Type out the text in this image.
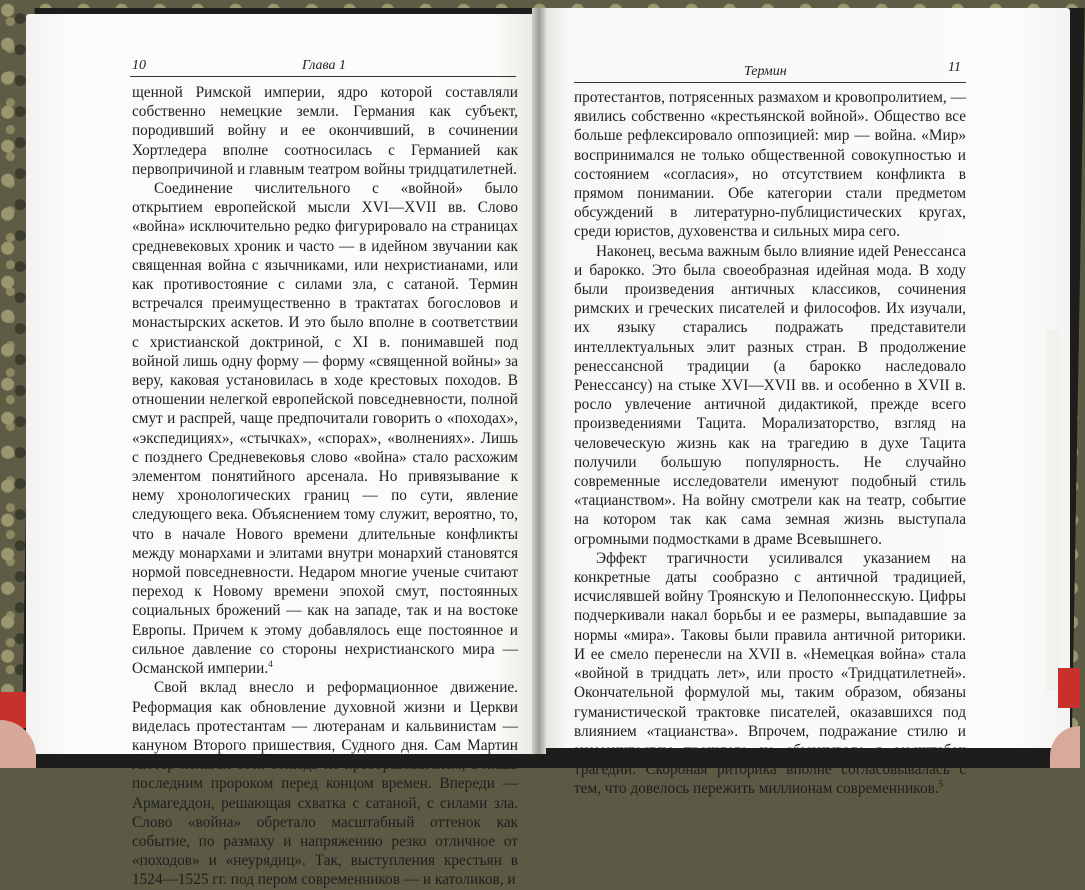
10	Глава 1

щенной Римской империи, ядро которой составляли собственно немецкие земли. Германия как субъект, породивший войну и ее окончивший, в сочинении Хортледера вполне соотносилась с Германией как первопричиной и главным театром войны тридцатилетней.

Соединение числительного с «войной» было открытием европейской мысли XVI—XVII вв. Слово «война» исключительно редко фигурировало на страницах средневековых хроник и часто — в идейном звучании как священная война с язычниками, или нехристианами, или как противостояние с силами зла, с сатаной. Термин встречался преимущественно в трактатах богословов и монастырских аскетов. И это было вполне в соответствии с христианской доктриной, с XI в. понимавшей под войной лишь одну форму — форму «священной войны» за веру, каковая установилась в ходе крестовых походов. В отношении нелегкой европейской повседневности, полной смут и распрей, чаще предпочитали говорить о «походах», «экспедициях», «стычках», «спорах», «волнениях». Лишь с позднего Средневековья слово «война» стало расхожим элементом понятийного арсенала. Но привязывание к нему хронологических границ — по сути, явление следующего века. Объяснением тому служит, вероятно, то, что в начале Нового времени длительные конфликты между монархами и элитами внутри монархий становятся нормой повседневности. Недаром многие ученые считают переход к Новому времени эпохой смут, постоянных социальных брожений — как на западе, так и на востоке Европы. Причем к этому добавлялось еще постоянное и сильное давление со стороны нехристианского мира — Османской империи.$^4$

Свой вклад внесло и реформационное движение. Реформация как обновление духовной жизни и Церкви виделась протестантам — лютеранам и кальвинистам — кануном Второго пришествия, Судного дня. Сам Мартин Лютер полагал себя отнюдь не преобразователем, а лишь последним пророком перед концом времен. Впереди — Армагеддон, решающая схватка с сатаной, с силами зла. Слово «война» обретало масштабный оттенок как событие, по размаху и напряжению резко отличное от «походов» и «неурядиц». Так, выступления крестьян в 1524—1525 гг. под пером современников — и католиков, и

Термин	11

протестантов, потрясенных размахом и кровопролитием, — явились собственно «крестьянской войной». Общество все больше рефлексировало оппозицией: мир — война. «Мир» воспринимался не только общественной совокупностью и состоянием «согласия», но отсутствием конфликта в прямом понимании. Обе категории стали предметом обсуждений в литературно-публицистических кругах, среди юристов, духовенства и сильных мира сего.

Наконец, весьма важным было влияние идей Ренессанса и барокко. Это была своеобразная идейная мода. В ходу были произведения античных классиков, сочинения римских и греческих писателей и философов. Их изучали, их языку старались подражать представители интеллектуальных элит разных стран. В продолжение ренессансной традиции (а барокко наследовало Ренессансу) на стыке XVI—XVII вв. и особенно в XVII в. росло увлечение античной дидактикой, прежде всего произведениями Тацита. Морализаторство, взгляд на человеческую жизнь как на трагедию в духе Тацита получили большую популярность. Не случайно современные исследователи именуют подобный стиль «тацианством». На войну смотрели как на театр, событие на котором так как сама земная жизнь выступала огромными подмостками в драме Всевышнего.

Эффект трагичности усиливался указанием на конкретные даты сообразно с античной традицией, исчислявшей войну Троянскую и Пелопоннесскую. Цифры подчеркивали накал борьбы и ее размеры, выпадавшие за нормы «мира». Таковы были правила античной риторики. И ее смело перенесли на XVII в. «Немецкая война» стала «войной в тридцать лет», или просто «Тридцатилетней». Окончательной формулой мы, таким образом, обязаны гуманистической трактовке писателей, оказавшихся под влиянием «тацианства». Впрочем, подражание стилю и знаменитостям прошлого не обманывало в масштабах трагедии. Скорбная риторика вполне согласовывалась с тем, что довелось пережить миллионам современников.$^5$
